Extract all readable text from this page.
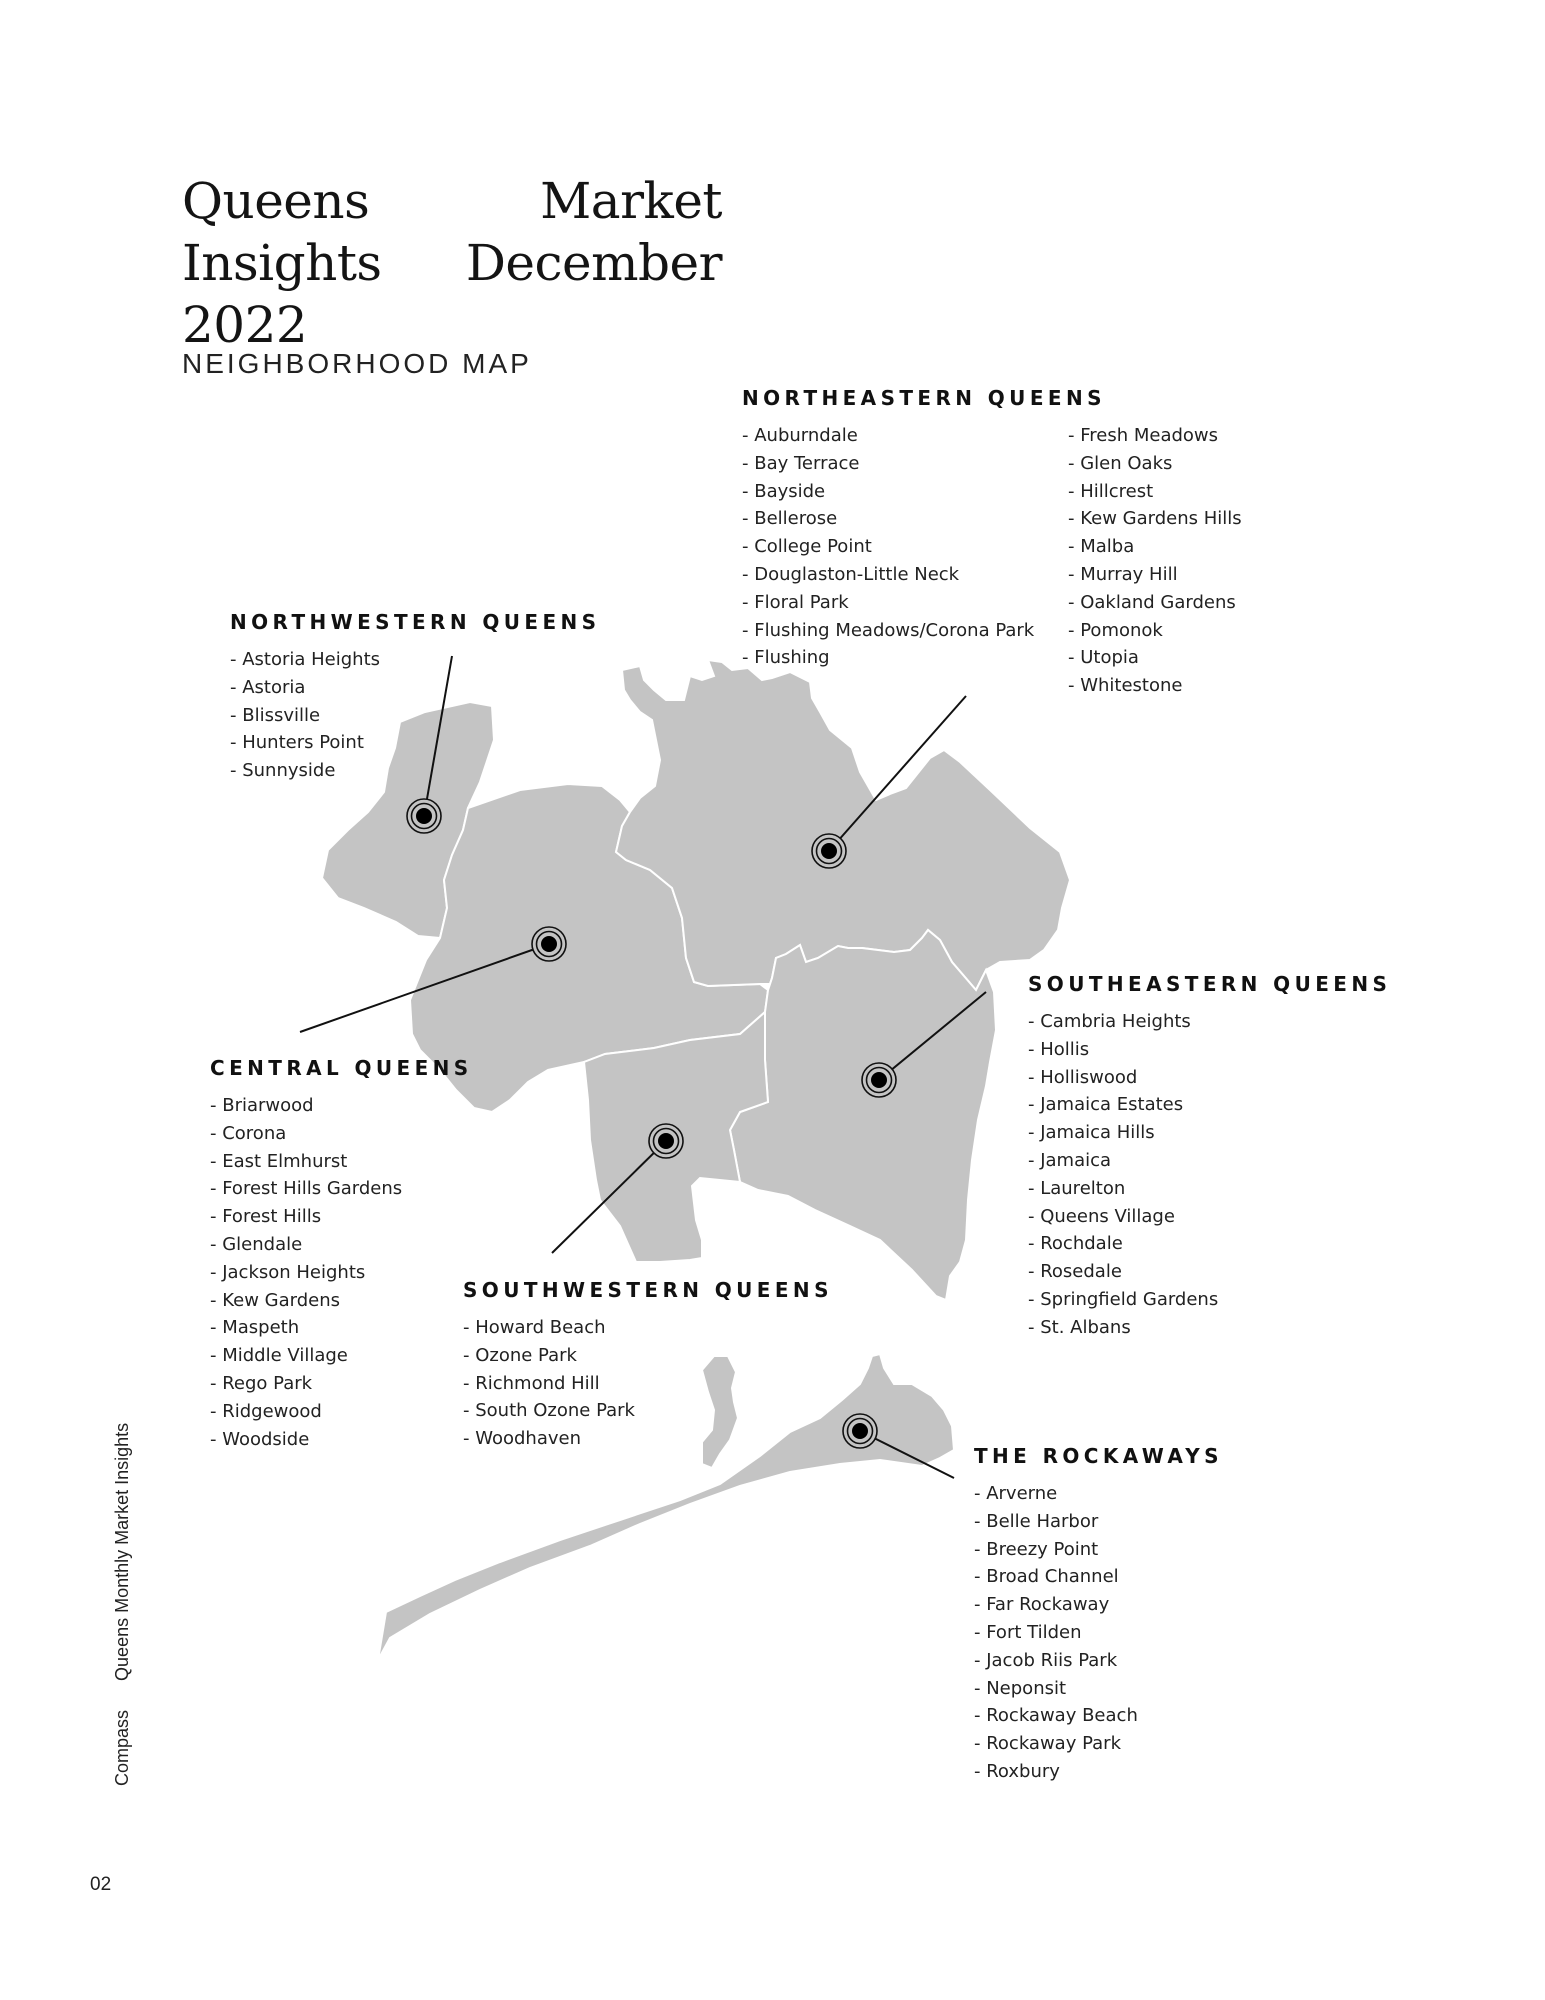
Queens Market Insights December 2022
NEIGHBORHOOD MAP
NORTHEASTERN QUEENS
- Auburndale
- Bay Terrace
- Bayside
- Bellerose
- College Point
- Douglaston-Little Neck
- Floral Park
- Flushing Meadows/Corona Park
- Flushing
- Fresh Meadows
- Glen Oaks
- Hillcrest
- Kew Gardens Hills
- Malba
- Murray Hill
- Oakland Gardens
- Pomonok
- Utopia
- Whitestone
NORTHWESTERN QUEENS
- Astoria Heights
- Astoria
- Blissville
- Hunters Point
- Sunnyside
CENTRAL QUEENS
- Briarwood
- Corona
- East Elmhurst
- Forest Hills Gardens
- Forest Hills
- Glendale
- Jackson Heights
- Kew Gardens
- Maspeth
- Middle Village
- Rego Park
- Ridgewood
- Woodside
SOUTHWESTERN QUEENS
- Howard Beach
- Ozone Park
- Richmond Hill
- South Ozone Park
- Woodhaven
SOUTHEASTERN QUEENS
- Cambria Heights
- Hollis
- Holliswood
- Jamaica Estates
- Jamaica Hills
- Jamaica
- Laurelton
- Queens Village
- Rochdale
- Rosedale
- Springfield Gardens
- St. Albans
THE ROCKAWAYS
- Arverne
- Belle Harbor
- Breezy Point
- Broad Channel
- Far Rockaway
- Fort Tilden
- Jacob Riis Park
- Neponsit
- Rockaway Beach
- Rockaway Park
- Roxbury
Compass Queens Monthly Market Insights
02
